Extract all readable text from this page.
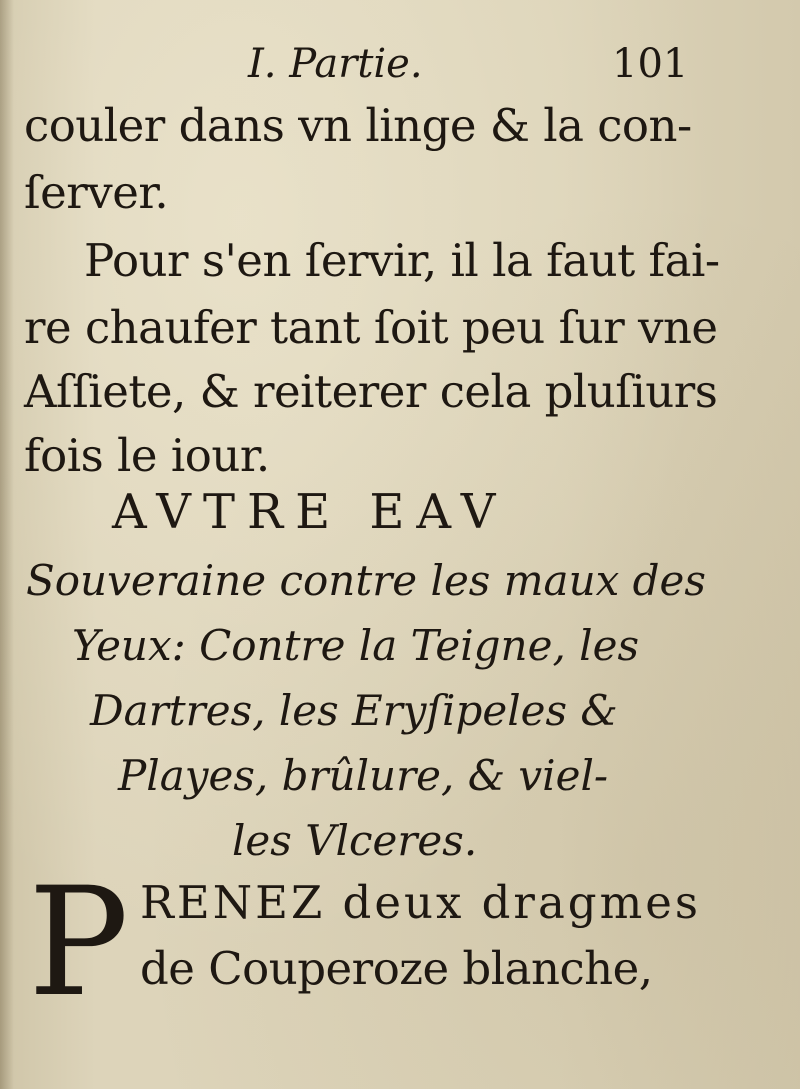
I. Partie.	101
couler dans vn linge & la con-
ſerver.
Pour s'en ſervir, il la faut fai-
re chaufer tant ſoit peu ſur vne
Aſſiete, & reiterer cela pluſiurs
fois le iour.
AVTRE EAV
Souveraine contre les maux des
Yeux: Contre la Teigne, les
Dartres, les Eryſipeles &
Playes, brûlure, & viel-
les Vlceres.
P RENEZ deux dragmes
de Couperoze blanche,
